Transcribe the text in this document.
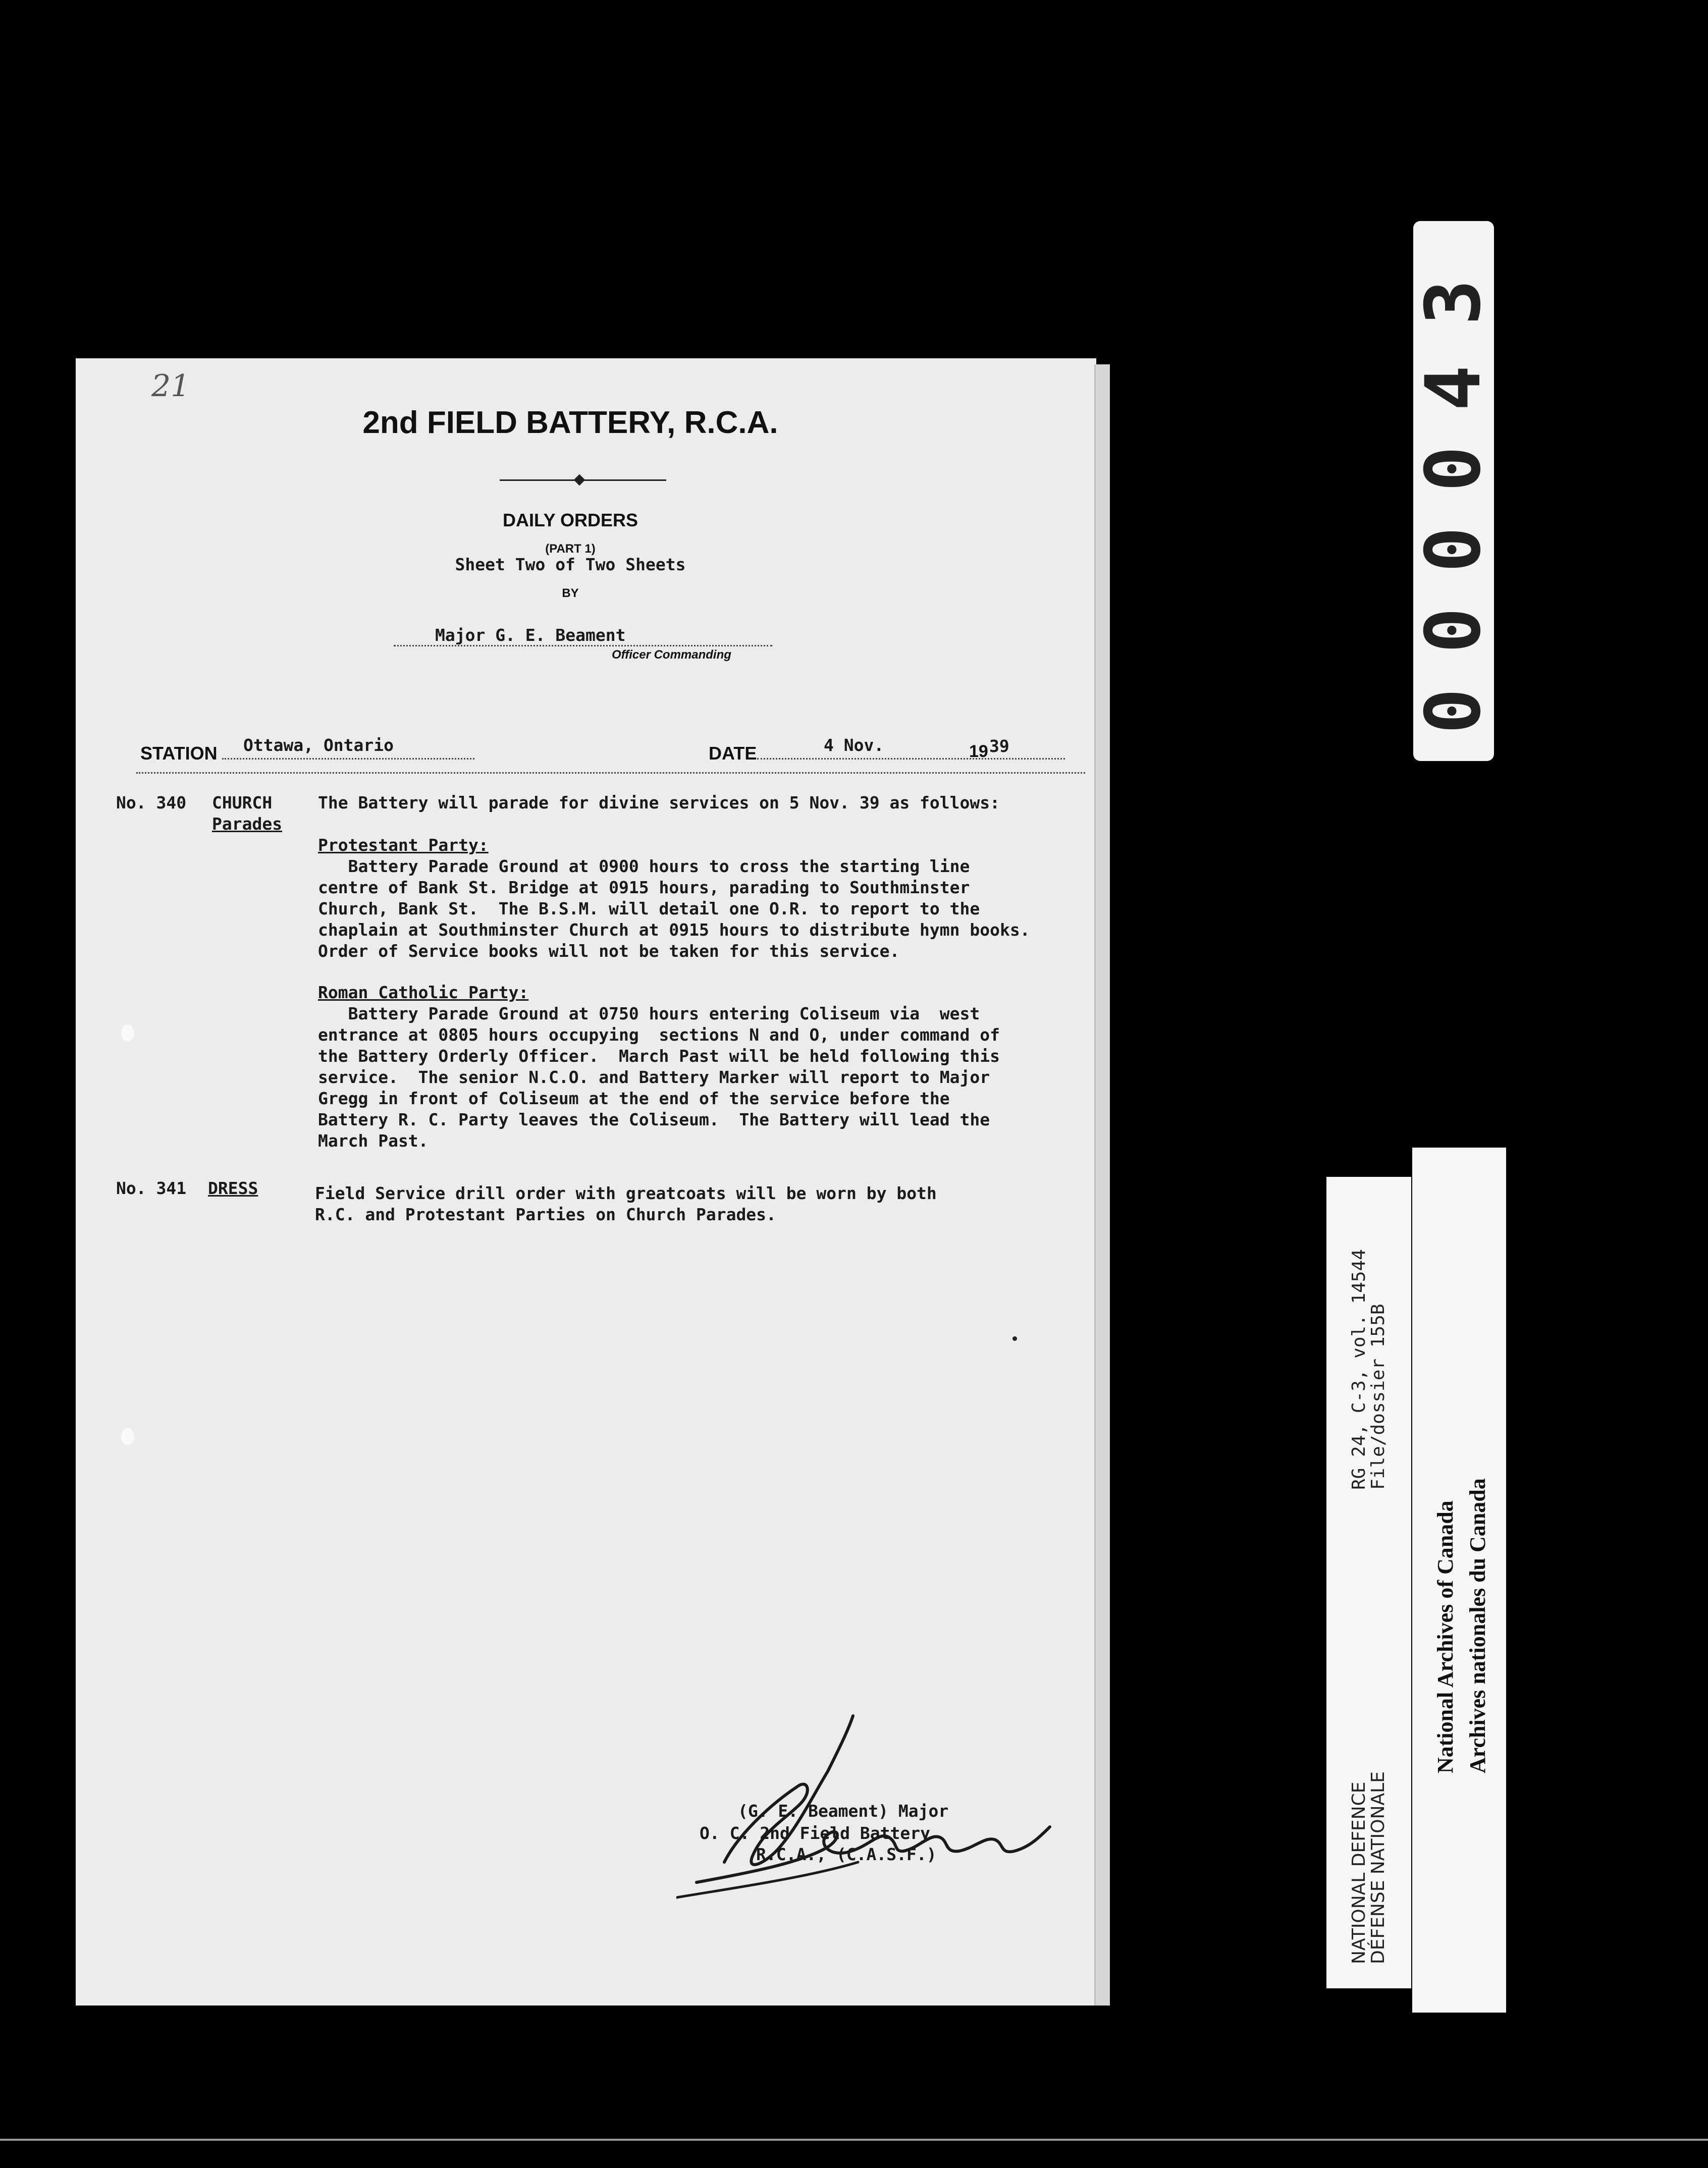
21
2nd FIELD BATTERY, R.C.A.
DAILY ORDERS
(PART 1)
Sheet Two of Two Sheets
BY
Major G. E. Beament
Officer Commanding
STATION Ottawa, Ontario	DATE	4 Nov.	19 39
No. 340 CHURCH
Parades
The Battery will parade for divine services on 5 Nov. 39 as follows:
Protestant Party:
Battery Parade Ground at 0900 hours to cross the starting line
centre of Bank St. Bridge at 0915 hours, parading to Southminster
Church, Bank St.  The B.S.M. will detail one O.R. to report to the
chaplain at Southminster Church at 0915 hours to distribute hymn books.
Order of Service books will not be taken for this service.
Roman Catholic Party:
Battery Parade Ground at 0750 hours entering Coliseum via  west
entrance at 0805 hours occupying  sections N and O, under command of
the Battery Orderly Officer.  March Past will be held following this
service.  The senior N.C.O. and Battery Marker will report to Major
Gregg in front of Coliseum at the end of the service before the
Battery R. C. Party leaves the Coliseum.  The Battery will lead the
March Past.
No. 341 DRESS	Field Service drill order with greatcoats will be worn by both
R.C. and Protestant Parties on Church Parades.
(G. E. Beament) Major
O. C. 2nd Field Battery
R.C.A., (C.A.S.F.)
0
0
0
0
4
3
NATIONAL DEFENCE
DÉFENSE NATIONALE
RG 24, C-3, vol. 14544
File/dossier 155B
National Archives of Canada Archives nationales du Canada
